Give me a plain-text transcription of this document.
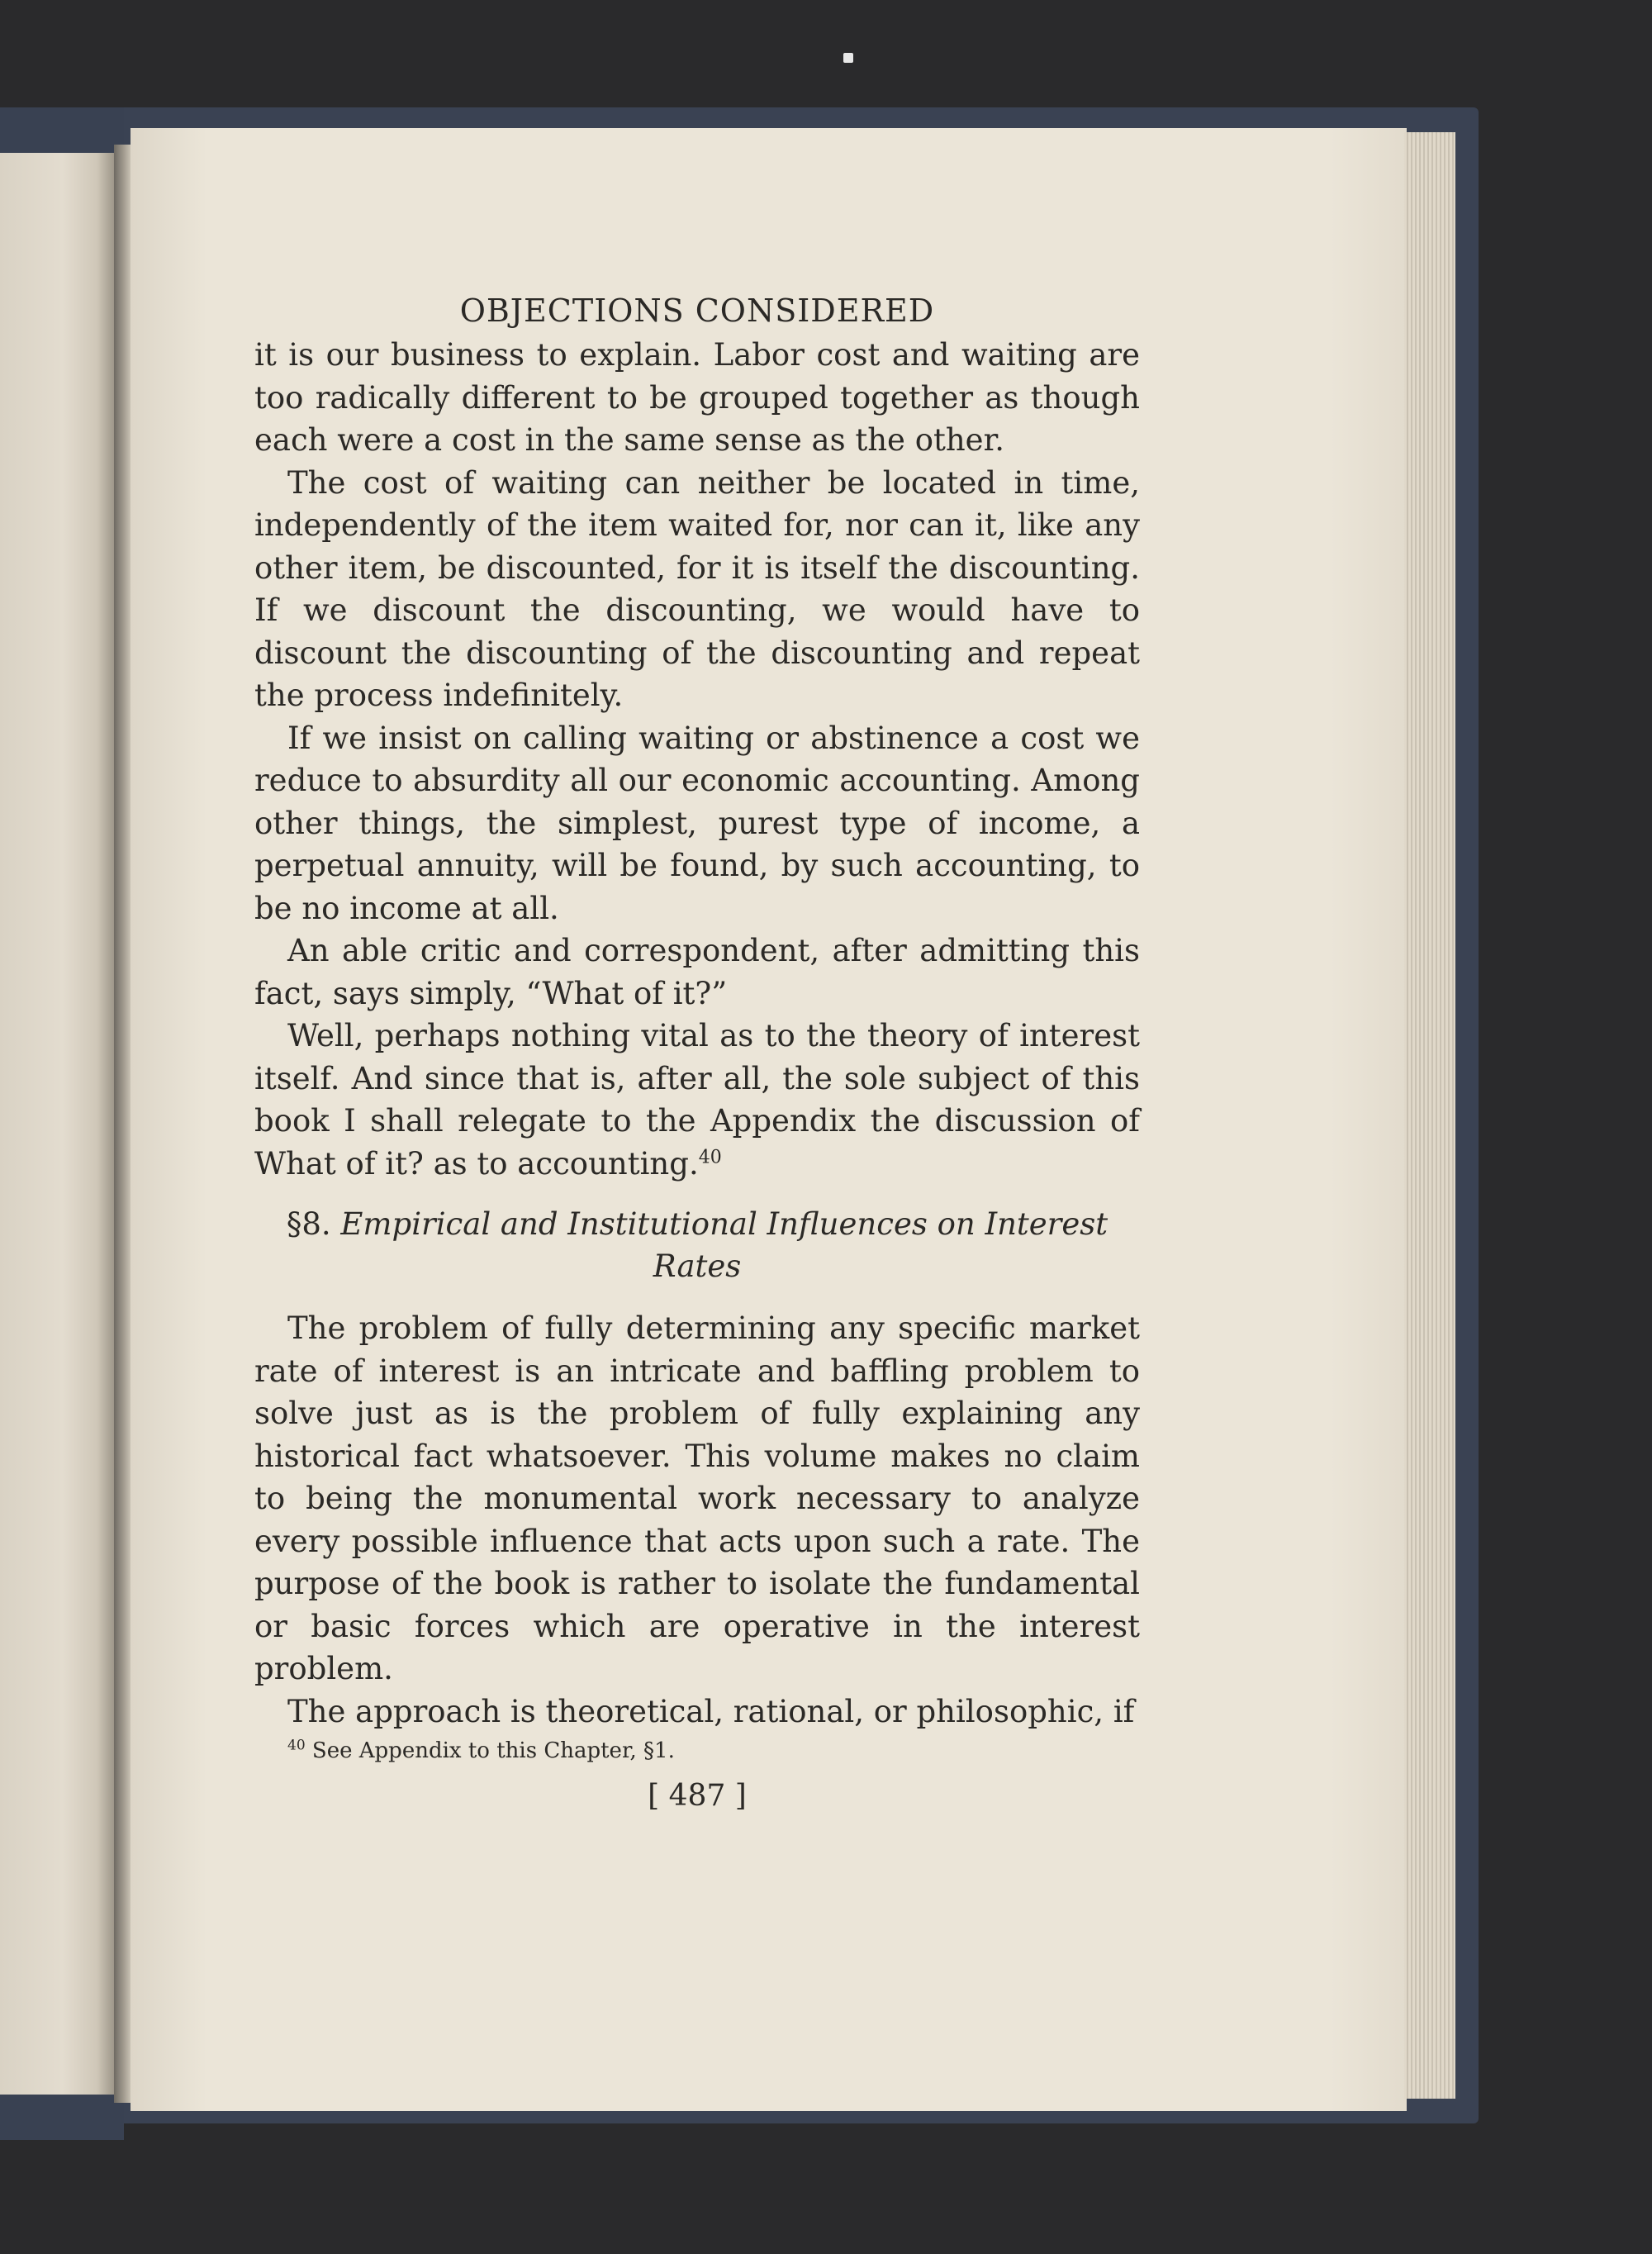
OBJECTIONS CONSIDERED

it is our business to explain. Labor cost and waiting are too radically different to be grouped together as though each were a cost in the same sense as the other.

The cost of waiting can neither be located in time, independently of the item waited for, nor can it, like any other item, be discounted, for it is itself the discounting. If we discount the discounting, we would have to discount the discounting of the discounting and repeat the process indefinitely.

If we insist on calling waiting or abstinence a cost we reduce to absurdity all our economic accounting. Among other things, the simplest, purest type of income, a perpetual annuity, will be found, by such accounting, to be no income at all.

An able critic and correspondent, after admitting this fact, says simply, “What of it?”

Well, perhaps nothing vital as to the theory of interest itself. And since that is, after all, the sole subject of this book I shall relegate to the Appendix the discussion of What of it? as to accounting.$^{40}$

§8. Empirical and Institutional Influences on Interest Rates

The problem of fully determining any specific market rate of interest is an intricate and baffling problem to solve just as is the problem of fully explaining any historical fact whatsoever. This volume makes no claim to being the monumental work necessary to analyze every possible influence that acts upon such a rate. The purpose of the book is rather to isolate the fundamental or basic forces which are operative in the interest problem.

The approach is theoretical, rational, or philosophic, if

$^{40}$ See Appendix to this Chapter, §1.
[ 487 ]
